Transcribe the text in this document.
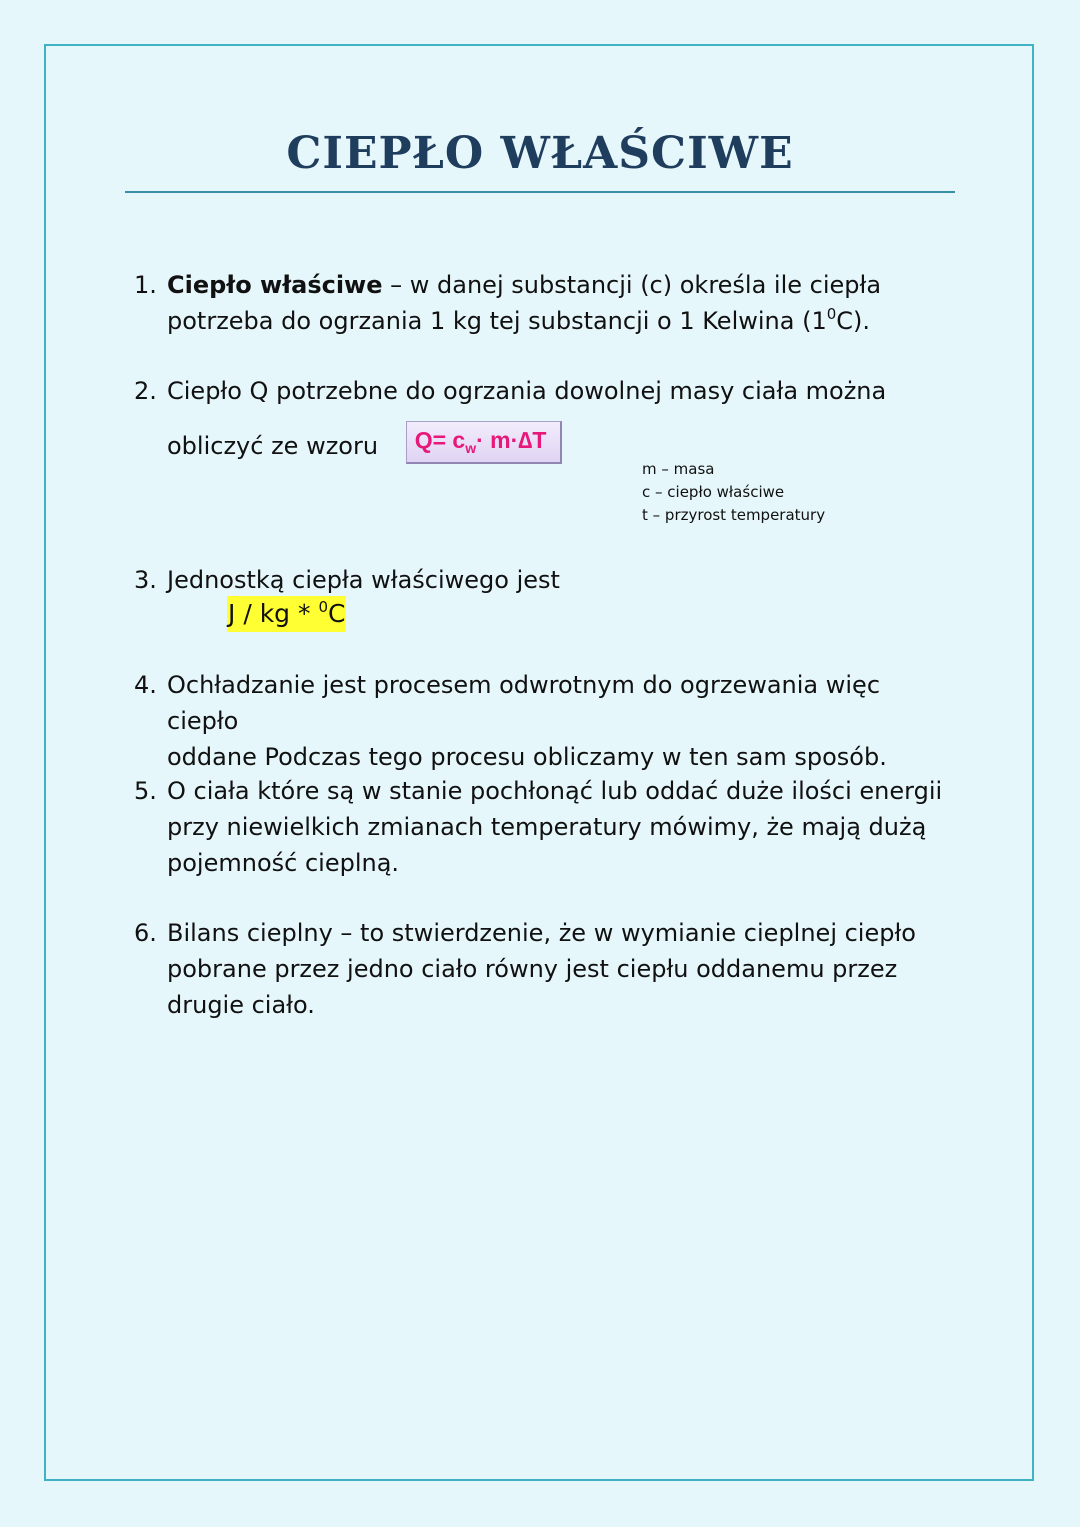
CIEPŁO WŁAŚCIWE
1. Ciepło właściwe – w danej substancji (c) określa ile ciepła
potrzeba do ogrzania 1 kg tej substancji o 1 Kelwina $(1^0C)$.
2. Ciepło Q potrzebne do ogrzania dowolnej masy ciała można
obliczyć ze wzoru $Q= c_w\cdot m\cdot\Delta T$
m – masa
c – ciepło właściwe
t – przyrost temperatury
3. Jednostką ciepła właściwego jest
J / kg * $^0$C
4. Ochładzanie jest procesem odwrotnym do ogrzewania więc ciepło
oddane Podczas tego procesu obliczamy w ten sam sposób.
5. O ciała które są w stanie pochłonąć lub oddać duże ilości energii
przy niewielkich zmianach temperatury mówimy, że mają dużą
pojemność cieplną.
6. Bilans cieplny – to stwierdzenie, że w wymianie cieplnej ciepło
pobrane przez jedno ciało równy jest ciepłu oddanemu przez
drugie ciało.
